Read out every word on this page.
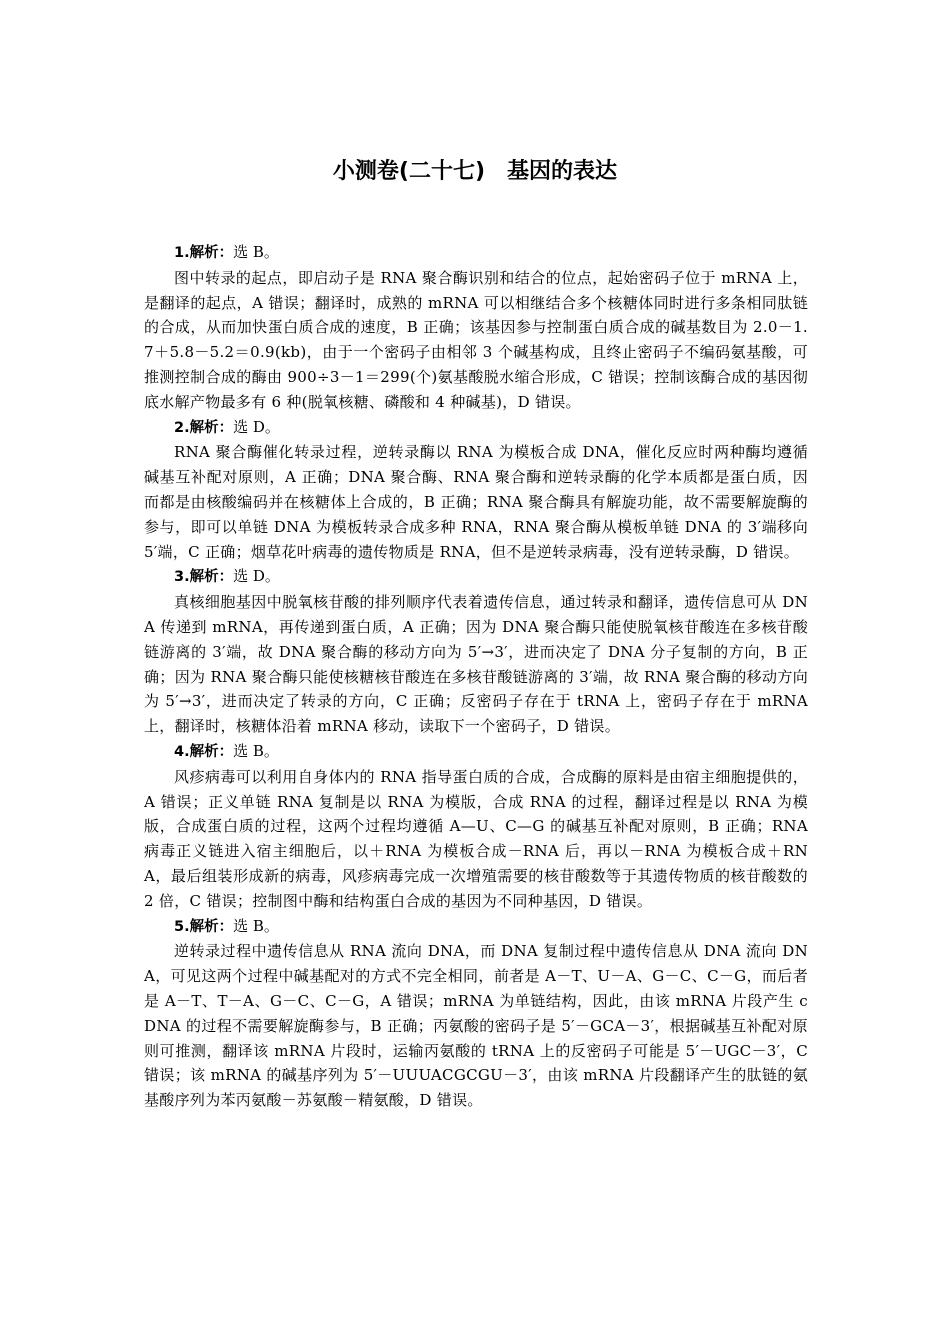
小测卷(二十七) 基因的表达

1.解析：选 B。

图中转录的起点，即启动子是 RNA 聚合酶识别和结合的位点，起始密码子位于 mRNA 上，是翻译的起点，A 错误；翻译时，成熟的 mRNA 可以相继结合多个核糖体同时进行多条相同肽链的合成，从而加快蛋白质合成的速度，B 正确；该基因参与控制蛋白质合成的碱基数目为 2.0－1.7＋5.8－5.2＝0.9(kb)，由于一个密码子由相邻 3 个碱基构成，且终止密码子不编码氨基酸，可推测控制合成的酶由 900÷3－1＝299(个)氨基酸脱水缩合形成，C 错误；控制该酶合成的基因彻底水解产物最多有 6 种(脱氧核糖、磷酸和 4 种碱基)，D 错误。

2.解析：选 D。

RNA 聚合酶催化转录过程，逆转录酶以 RNA 为模板合成 DNA，催化反应时两种酶均遵循碱基互补配对原则，A 正确；DNA 聚合酶、RNA 聚合酶和逆转录酶的化学本质都是蛋白质，因而都是由核酸编码并在核糖体上合成的，B 正确；RNA 聚合酶具有解旋功能，故不需要解旋酶的参与，即可以单链 DNA 为模板转录合成多种 RNA，RNA 聚合酶从模板单链 DNA 的 3′端移向 5′端，C 正确；烟草花叶病毒的遗传物质是 RNA，但不是逆转录病毒，没有逆转录酶，D 错误。

3.解析：选 D。

真核细胞基因中脱氧核苷酸的排列顺序代表着遗传信息，通过转录和翻译，遗传信息可从 DNA 传递到 mRNA，再传递到蛋白质，A 正确；因为 DNA 聚合酶只能使脱氧核苷酸连在多核苷酸链游离的 3′端，故 DNA 聚合酶的移动方向为 5′→3′，进而决定了 DNA 分子复制的方向，B 正确；因为 RNA 聚合酶只能使核糖核苷酸连在多核苷酸链游离的 3′端，故 RNA 聚合酶的移动方向为 5′→3′，进而决定了转录的方向，C 正确；反密码子存在于 tRNA 上，密码子存在于 mRNA 上，翻译时，核糖体沿着 mRNA 移动，读取下一个密码子，D 错误。

4.解析：选 B。

风疹病毒可以利用自身体内的 RNA 指导蛋白质的合成，合成酶的原料是由宿主细胞提供的，A 错误；正义单链 RNA 复制是以 RNA 为模版，合成 RNA 的过程，翻译过程是以 RNA 为模版，合成蛋白质的过程，这两个过程均遵循 A—U、C—G 的碱基互补配对原则，B 正确；RNA 病毒正义链进入宿主细胞后，以＋RNA 为模板合成－RNA 后，再以－RNA 为模板合成＋RNA，最后组装形成新的病毒，风疹病毒完成一次增殖需要的核苷酸数等于其遗传物质的核苷酸数的 2 倍，C 错误；控制图中酶和结构蛋白合成的基因为不同种基因，D 错误。

5.解析：选 B。

逆转录过程中遗传信息从 RNA 流向 DNA，而 DNA 复制过程中遗传信息从 DNA 流向 DNA，可见这两个过程中碱基配对的方式不完全相同，前者是 A－T、U－A、G－C、C－G，而后者是 A－T、T－A、G－C、C－G，A 错误；mRNA 为单链结构，因此，由该 mRNA 片段产生 cDNA 的过程不需要解旋酶参与，B 正确；丙氨酸的密码子是 5′－GCA－3′，根据碱基互补配对原则可推测，翻译该 mRNA 片段时，运输丙氨酸的 tRNA 上的反密码子可能是 5′－UGC－3′，C 错误；该 mRNA 的碱基序列为 5′－UUUACGCGU－3′，由该 mRNA 片段翻译产生的肽链的氨基酸序列为苯丙氨酸－苏氨酸－精氨酸，D 错误。
